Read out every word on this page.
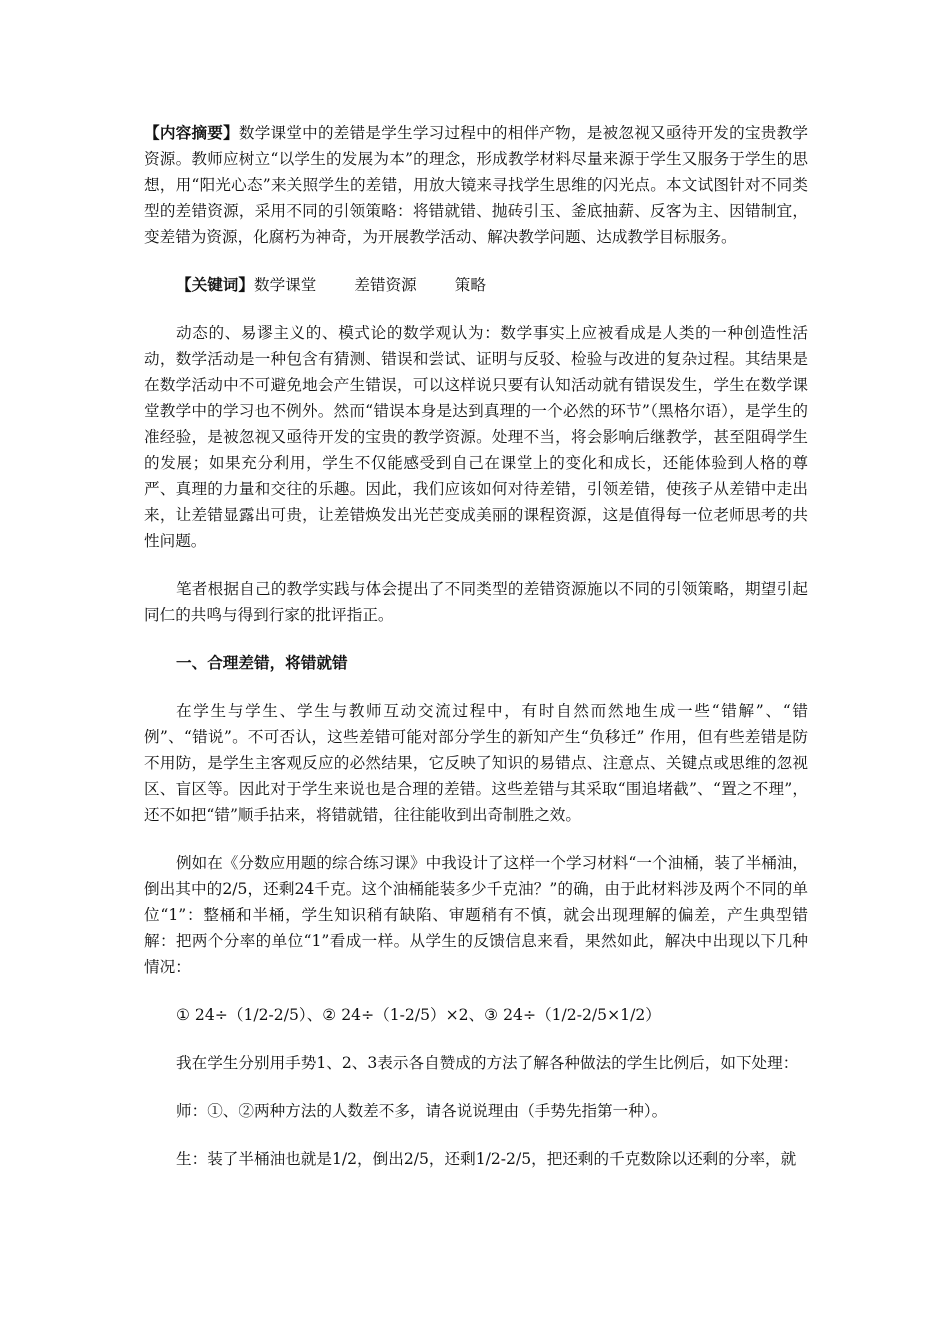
【内容摘要】数学课堂中的差错是学生学习过程中的相伴产物，是被忽视又亟待开发的宝贵教学资源。教师应树立“以学生的发展为本”的理念，形成教学材料尽量来源于学生又服务于学生的思想，用“阳光心态”来关照学生的差错，用放大镜来寻找学生思维的闪光点。本文试图针对不同类型的差错资源，采用不同的引领策略：将错就错、抛砖引玉、釜底抽薪、反客为主、因错制宜，变差错为资源，化腐朽为神奇，为开展教学活动、解决教学问题、达成教学目标服务。

【关键词】数学课堂 差错资源 策略

动态的、易谬主义的、模式论的数学观认为：数学事实上应被看成是人类的一种创造性活动，数学活动是一种包含有猜测、错误和尝试、证明与反驳、检验与改进的复杂过程。其结果是在数学活动中不可避免地会产生错误，可以这样说只要有认知活动就有错误发生，学生在数学课堂教学中的学习也不例外。然而“错误本身是达到真理的一个必然的环节”（黑格尔语），是学生的准经验，是被忽视又亟待开发的宝贵的教学资源。处理不当，将会影响后继教学，甚至阻碍学生的发展；如果充分利用，学生不仅能感受到自己在课堂上的变化和成长，还能体验到人格的尊严、真理的力量和交往的乐趣。因此，我们应该如何对待差错，引领差错，使孩子从差错中走出来，让差错显露出可贵，让差错焕发出光芒变成美丽的课程资源，这是值得每一位老师思考的共性问题。

笔者根据自己的教学实践与体会提出了不同类型的差错资源施以不同的引领策略，期望引起同仁的共鸣与得到行家的批评指正。

一、合理差错，将错就错

在学生与学生、学生与教师互动交流过程中，有时自然而然地生成一些“错解”、“错例”、“错说”。不可否认，这些差错可能对部分学生的新知产生“负移迁” 作用，但有些差错是防不用防，是学生主客观反应的必然结果，它反映了知识的易错点、注意点、关键点或思维的忽视区、盲区等。因此对于学生来说也是合理的差错。这些差错与其采取“围追堵截”、“置之不理”，还不如把“错”顺手拈来，将错就错，往往能收到出奇制胜之效。

例如在《分数应用题的综合练习课》中我设计了这样一个学习材料“一个油桶，装了半桶油，倒出其中的2/5，还剩24千克。这个油桶能装多少千克油？”的确，由于此材料涉及两个不同的单位“1”：整桶和半桶，学生知识稍有缺陷、审题稍有不慎，就会出现理解的偏差，产生典型错解：把两个分率的单位“1”看成一样。从学生的反馈信息来看，果然如此，解决中出现以下几种情况：

① 24÷（1/2-2/5）、② 24÷（1-2/5）×2、③ 24÷（1/2-2/5×1/2）

我在学生分别用手势1、2、3表示各自赞成的方法了解各种做法的学生比例后，如下处理：

师：①、②两种方法的人数差不多，请各说说理由（手势先指第一种）。

生：装了半桶油也就是1/2，倒出2/5，还剩1/2-2/5，把还剩的千克数除以还剩的分率，就
